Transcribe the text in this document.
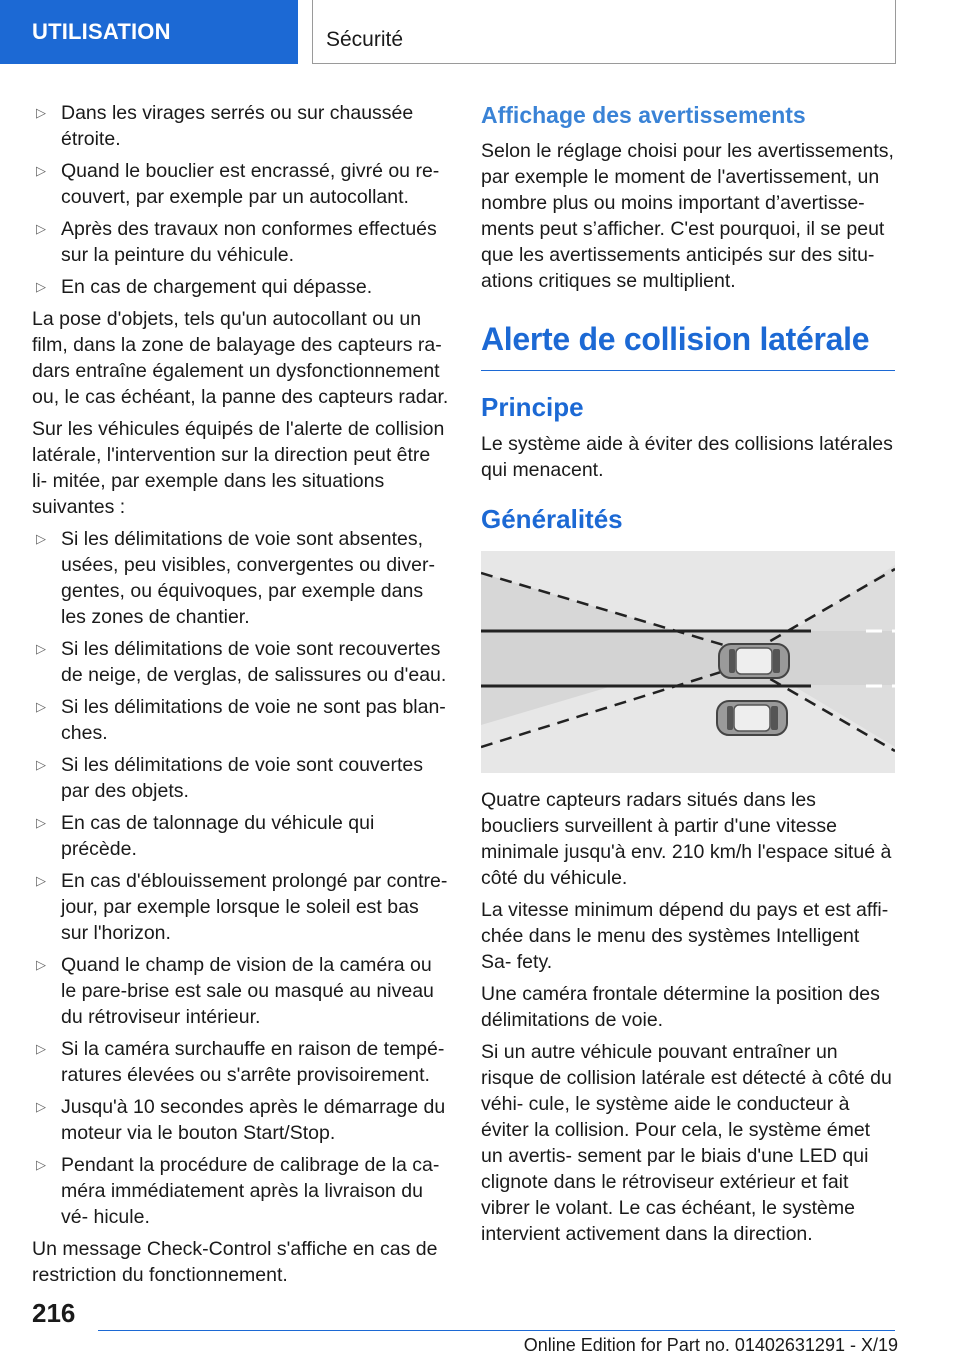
UTILISATION	Sécurité
▷ Dans les virages serrés ou sur chaussée étroite.
▷ Quand le bouclier est encrassé, givré ou re- couvert, par exemple par un autocollant.
▷ Après des travaux non conformes effectués sur la peinture du véhicule.
▷ En cas de chargement qui dépasse.

La pose d'objets, tels qu'un autocollant ou un film, dans la zone de balayage des capteurs ra- dars entraîne également un dysfonctionnement ou, le cas échéant, la panne des capteurs radar.

Sur les véhicules équipés de l'alerte de collision latérale, l'intervention sur la direction peut être li- mitée, par exemple dans les situations suivantes :

▷ Si les délimitations de voie sont absentes, usées, peu visibles, convergentes ou diver- gentes, ou équivoques, par exemple dans les zones de chantier.
▷ Si les délimitations de voie sont recouvertes de neige, de verglas, de salissures ou d'eau.
▷ Si les délimitations de voie ne sont pas blan- ches.
▷ Si les délimitations de voie sont couvertes par des objets.
▷ En cas de talonnage du véhicule qui précède.
▷ En cas d'éblouissement prolongé par contre- jour, par exemple lorsque le soleil est bas sur l'horizon.
▷ Quand le champ de vision de la caméra ou le pare-brise est sale ou masqué au niveau du rétroviseur intérieur.
▷ Si la caméra surchauffe en raison de tempé- ratures élevées ou s'arrête provisoirement.
▷ Jusqu'à 10 secondes après le démarrage du moteur via le bouton Start/Stop.
▷ Pendant la procédure de calibrage de la ca- méra immédiatement après la livraison du vé- hicule.

Un message Check-Control s'affiche en cas de restriction du fonctionnement.

Affichage des avertissements

Selon le réglage choisi pour les avertissements, par exemple le moment de l'avertissement, un nombre plus ou moins important d’avertisse- ments peut s’afficher. C'est pourquoi, il se peut que les avertissements anticipés sur des situ- ations critiques se multiplient.

Alerte de collision latérale
Principe

Le système aide à éviter des collisions latérales qui menacent.

Généralités

Quatre capteurs radars situés dans les boucliers surveillent à partir d'une vitesse minimale jusqu'à env. 210 km/h l'espace situé à côté du véhicule.

La vitesse minimum dépend du pays et est affi- chée dans le menu des systèmes Intelligent Sa- fety.

Une caméra frontale détermine la position des délimitations de voie.

Si un autre véhicule pouvant entraîner un risque de collision latérale est détecté à côté du véhi- cule, le système aide le conducteur à éviter la collision. Pour cela, le système émet un avertis- sement par le biais d'une LED qui clignote dans le rétroviseur extérieur et fait vibrer le volant. Le cas échéant, le système intervient activement dans la direction.

216
Online Edition for Part no. 01402631291 - X/19
